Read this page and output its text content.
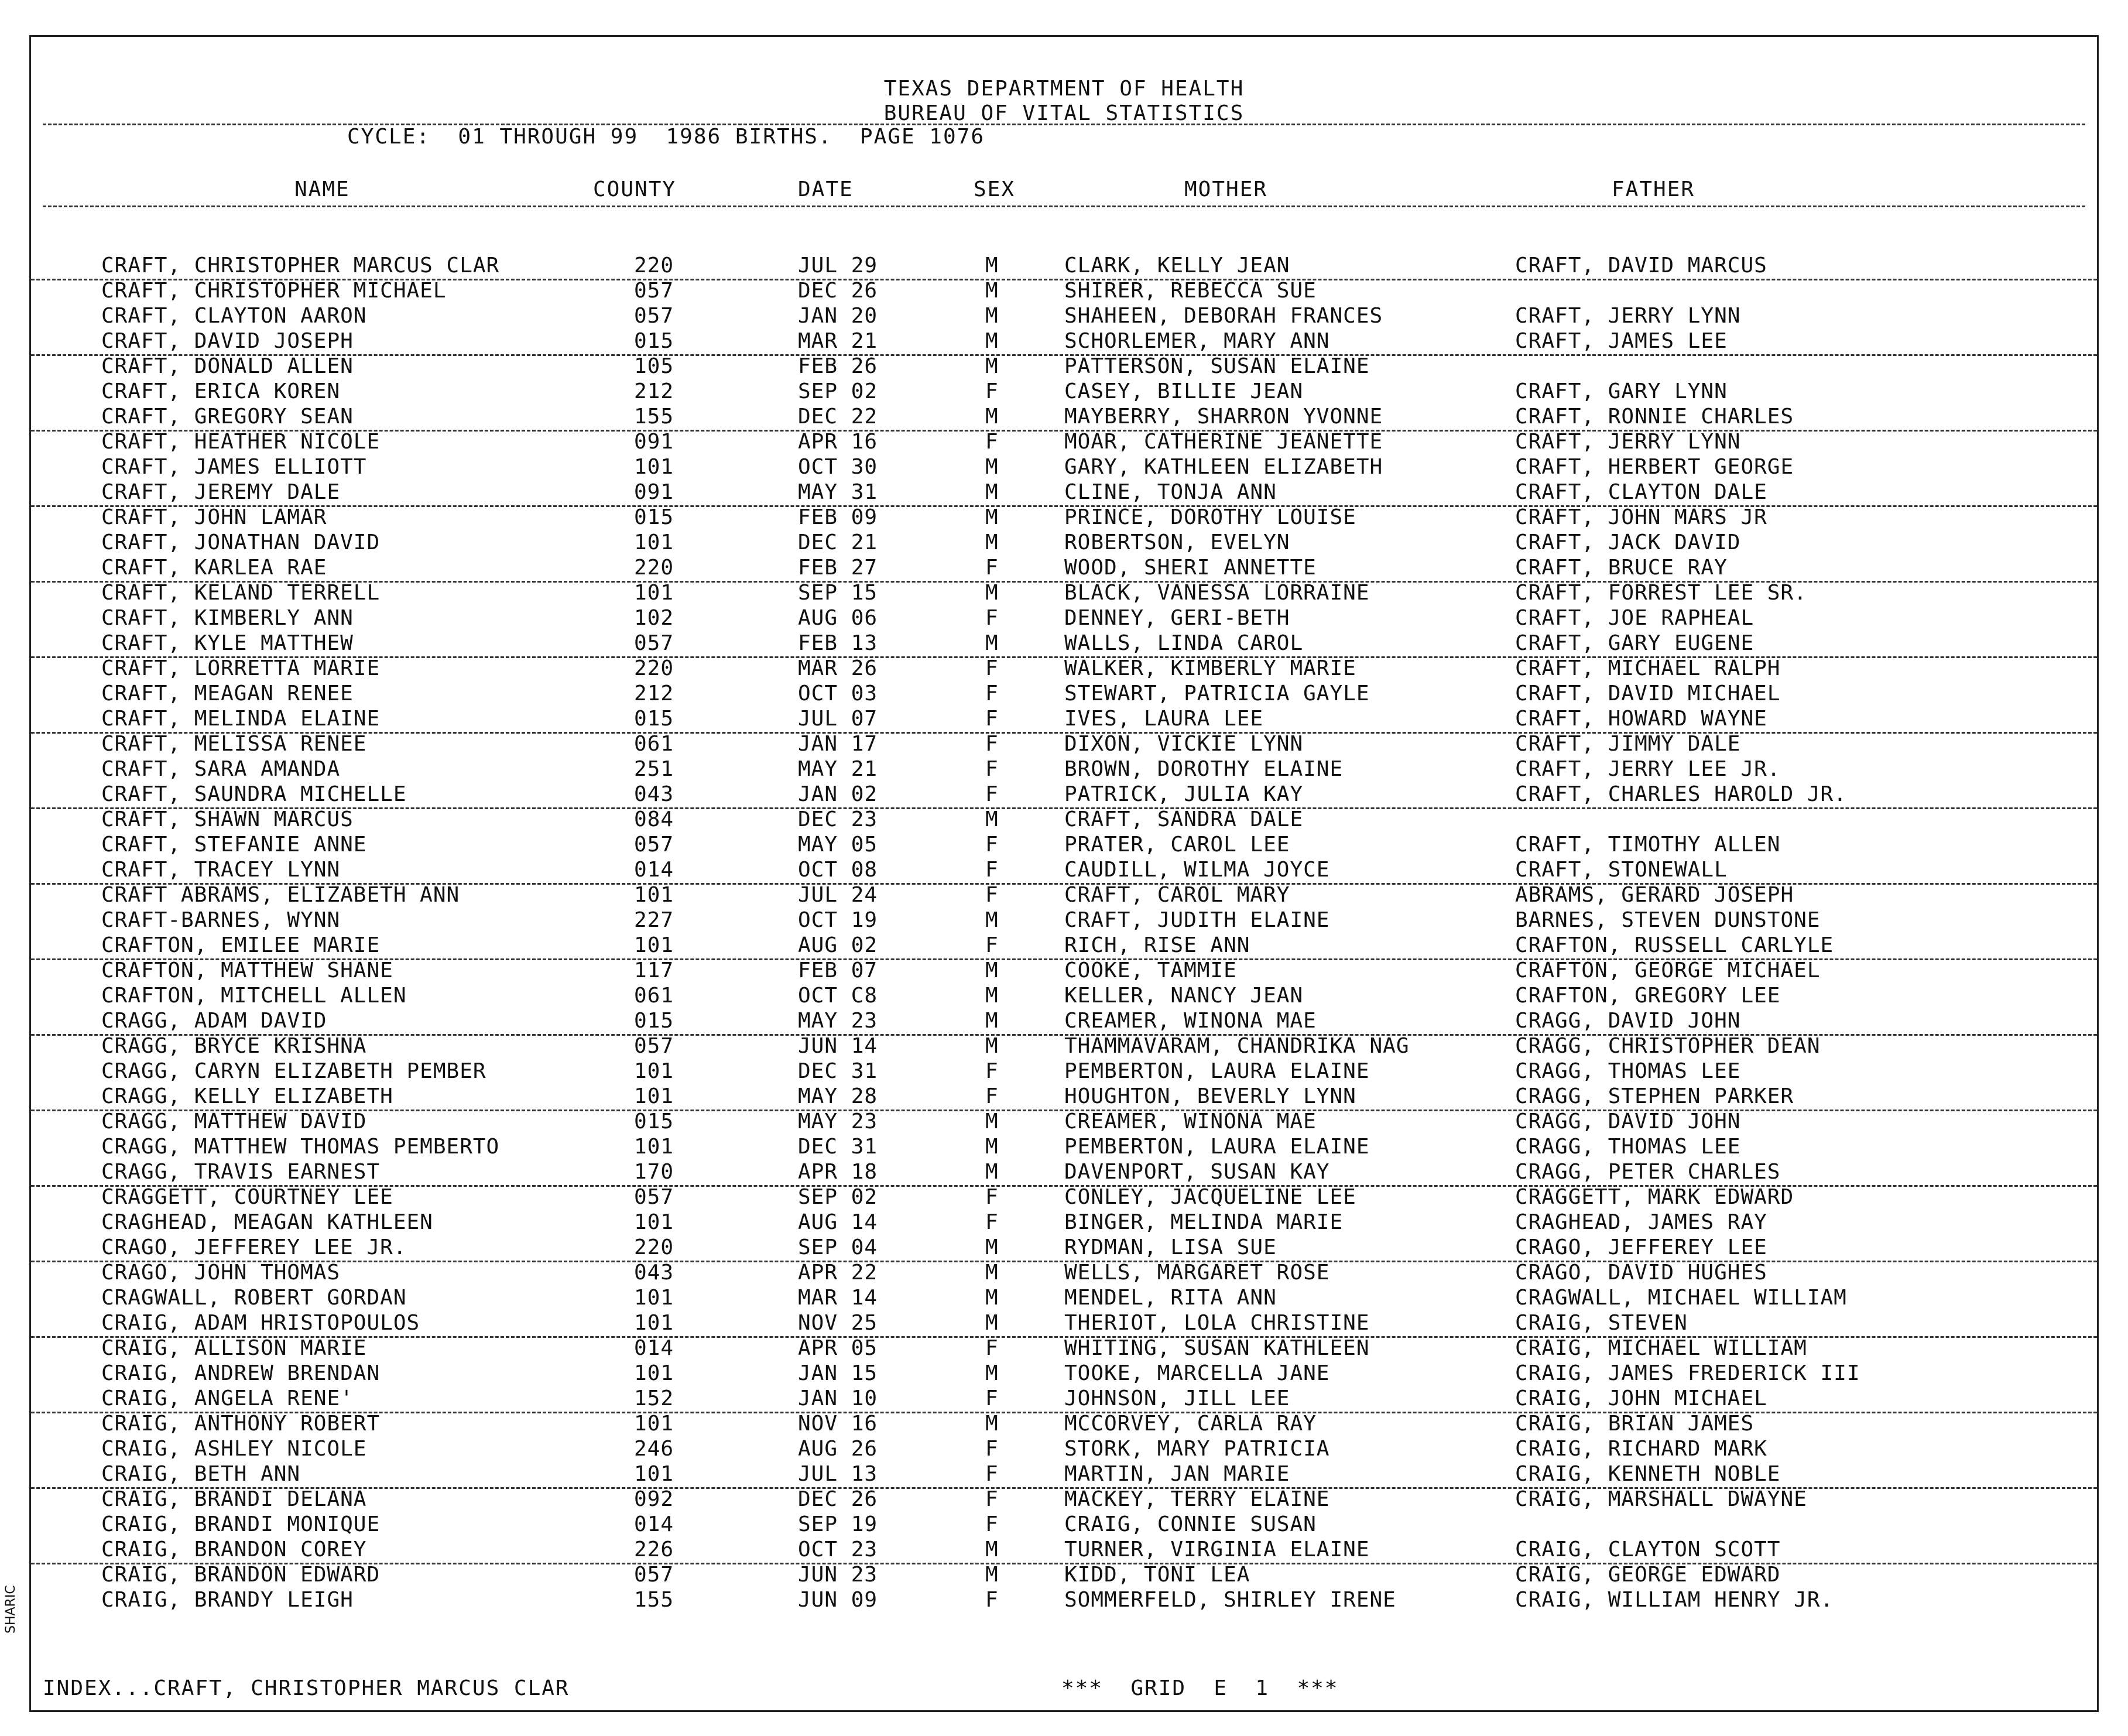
TEXAS DEPARTMENT OF HEALTH
BUREAU OF VITAL STATISTICS
CYCLE:  01 THROUGH 99  1986 BIRTHS.  PAGE 1076
NAME	COUNTY	DATE	SEX	MOTHER	FATHER
CRAFT, CHRISTOPHER MARCUS CLAR	220	JUL 29	M	CLARK, KELLY JEAN	CRAFT, DAVID MARCUS
CRAFT, CHRISTOPHER MICHAEL	057	DEC 26	M	SHIRER, REBECCA SUE
CRAFT, CLAYTON AARON	057	JAN 20	M	SHAHEEN, DEBORAH FRANCES	CRAFT, JERRY LYNN
CRAFT, DAVID JOSEPH	015	MAR 21	M	SCHORLEMER, MARY ANN	CRAFT, JAMES LEE
CRAFT, DONALD ALLEN	105	FEB 26	M	PATTERSON, SUSAN ELAINE
CRAFT, ERICA KOREN	212	SEP 02	F	CASEY, BILLIE JEAN	CRAFT, GARY LYNN
CRAFT, GREGORY SEAN	155	DEC 22	M	MAYBERRY, SHARRON YVONNE	CRAFT, RONNIE CHARLES
CRAFT, HEATHER NICOLE	091	APR 16	F	MOAR, CATHERINE JEANETTE	CRAFT, JERRY LYNN
CRAFT, JAMES ELLIOTT	101	OCT 30	M	GARY, KATHLEEN ELIZABETH	CRAFT, HERBERT GEORGE
CRAFT, JEREMY DALE	091	MAY 31	M	CLINE, TONJA ANN	CRAFT, CLAYTON DALE
CRAFT, JOHN LAMAR	015	FEB 09	M	PRINCE, DOROTHY LOUISE	CRAFT, JOHN MARS JR
CRAFT, JONATHAN DAVID	101	DEC 21	M	ROBERTSON, EVELYN	CRAFT, JACK DAVID
CRAFT, KARLEA RAE	220	FEB 27	F	WOOD, SHERI ANNETTE	CRAFT, BRUCE RAY
CRAFT, KELAND TERRELL	101	SEP 15	M	BLACK, VANESSA LORRAINE	CRAFT, FORREST LEE SR.
CRAFT, KIMBERLY ANN	102	AUG 06	F	DENNEY, GERI-BETH	CRAFT, JOE RAPHEAL
CRAFT, KYLE MATTHEW	057	FEB 13	M	WALLS, LINDA CAROL	CRAFT, GARY EUGENE
CRAFT, LORRETTA MARIE	220	MAR 26	F	WALKER, KIMBERLY MARIE	CRAFT, MICHAEL RALPH
CRAFT, MEAGAN RENEE	212	OCT 03	F	STEWART, PATRICIA GAYLE	CRAFT, DAVID MICHAEL
CRAFT, MELINDA ELAINE	015	JUL 07	F	IVES, LAURA LEE	CRAFT, HOWARD WAYNE
CRAFT, MELISSA RENEE	061	JAN 17	F	DIXON, VICKIE LYNN	CRAFT, JIMMY DALE
CRAFT, SARA AMANDA	251	MAY 21	F	BROWN, DOROTHY ELAINE	CRAFT, JERRY LEE JR.
CRAFT, SAUNDRA MICHELLE	043	JAN 02	F	PATRICK, JULIA KAY	CRAFT, CHARLES HAROLD JR.
CRAFT, SHAWN MARCUS	084	DEC 23	M	CRAFT, SANDRA DALE
CRAFT, STEFANIE ANNE	057	MAY 05	F	PRATER, CAROL LEE	CRAFT, TIMOTHY ALLEN
CRAFT, TRACEY LYNN	014	OCT 08	F	CAUDILL, WILMA JOYCE	CRAFT, STONEWALL
CRAFT ABRAMS, ELIZABETH ANN	101	JUL 24	F	CRAFT, CAROL MARY	ABRAMS, GERARD JOSEPH
CRAFT-BARNES, WYNN	227	OCT 19	M	CRAFT, JUDITH ELAINE	BARNES, STEVEN DUNSTONE
CRAFTON, EMILEE MARIE	101	AUG 02	F	RICH, RISE ANN	CRAFTON, RUSSELL CARLYLE
CRAFTON, MATTHEW SHANE	117	FEB 07	M	COOKE, TAMMIE	CRAFTON, GEORGE MICHAEL
CRAFTON, MITCHELL ALLEN	061	OCT C8	M	KELLER, NANCY JEAN	CRAFTON, GREGORY LEE
CRAGG, ADAM DAVID	015	MAY 23	M	CREAMER, WINONA MAE	CRAGG, DAVID JOHN
CRAGG, BRYCE KRISHNA	057	JUN 14	M	THAMMAVARAM, CHANDRIKA NAG	CRAGG, CHRISTOPHER DEAN
CRAGG, CARYN ELIZABETH PEMBER	101	DEC 31	F	PEMBERTON, LAURA ELAINE	CRAGG, THOMAS LEE
CRAGG, KELLY ELIZABETH	101	MAY 28	F	HOUGHTON, BEVERLY LYNN	CRAGG, STEPHEN PARKER
CRAGG, MATTHEW DAVID	015	MAY 23	M	CREAMER, WINONA MAE	CRAGG, DAVID JOHN
CRAGG, MATTHEW THOMAS PEMBERTO	101	DEC 31	M	PEMBERTON, LAURA ELAINE	CRAGG, THOMAS LEE
CRAGG, TRAVIS EARNEST	170	APR 18	M	DAVENPORT, SUSAN KAY	CRAGG, PETER CHARLES
CRAGGETT, COURTNEY LEE	057	SEP 02	F	CONLEY, JACQUELINE LEE	CRAGGETT, MARK EDWARD
CRAGHEAD, MEAGAN KATHLEEN	101	AUG 14	F	BINGER, MELINDA MARIE	CRAGHEAD, JAMES RAY
CRAGO, JEFFEREY LEE JR.	220	SEP 04	M	RYDMAN, LISA SUE	CRAGO, JEFFEREY LEE
CRAGO, JOHN THOMAS	043	APR 22	M	WELLS, MARGARET ROSE	CRAGO, DAVID HUGHES
CRAGWALL, ROBERT GORDAN	101	MAR 14	M	MENDEL, RITA ANN	CRAGWALL, MICHAEL WILLIAM
CRAIG, ADAM HRISTOPOULOS	101	NOV 25	M	THERIOT, LOLA CHRISTINE	CRAIG, STEVEN
CRAIG, ALLISON MARIE	014	APR 05	F	WHITING, SUSAN KATHLEEN	CRAIG, MICHAEL WILLIAM
CRAIG, ANDREW BRENDAN	101	JAN 15	M	TOOKE, MARCELLA JANE	CRAIG, JAMES FREDERICK III
CRAIG, ANGELA RENE'	152	JAN 10	F	JOHNSON, JILL LEE	CRAIG, JOHN MICHAEL
CRAIG, ANTHONY ROBERT	101	NOV 16	M	MCCORVEY, CARLA RAY	CRAIG, BRIAN JAMES
CRAIG, ASHLEY NICOLE	246	AUG 26	F	STORK, MARY PATRICIA	CRAIG, RICHARD MARK
CRAIG, BETH ANN	101	JUL 13	F	MARTIN, JAN MARIE	CRAIG, KENNETH NOBLE
CRAIG, BRANDI DELANA	092	DEC 26	F	MACKEY, TERRY ELAINE	CRAIG, MARSHALL DWAYNE
CRAIG, BRANDI MONIQUE	014	SEP 19	F	CRAIG, CONNIE SUSAN
CRAIG, BRANDON COREY	226	OCT 23	M	TURNER, VIRGINIA ELAINE	CRAIG, CLAYTON SCOTT
CRAIG, BRANDON EDWARD	057	JUN 23	M	KIDD, TONI LEA	CRAIG, GEORGE EDWARD
CRAIG, BRANDY LEIGH	155	JUN 09	F	SOMMERFELD, SHIRLEY IRENE	CRAIG, WILLIAM HENRY JR.
INDEX...CRAFT, CHRISTOPHER MARCUS CLAR	***  GRID  E  1  ***
SHARIC
